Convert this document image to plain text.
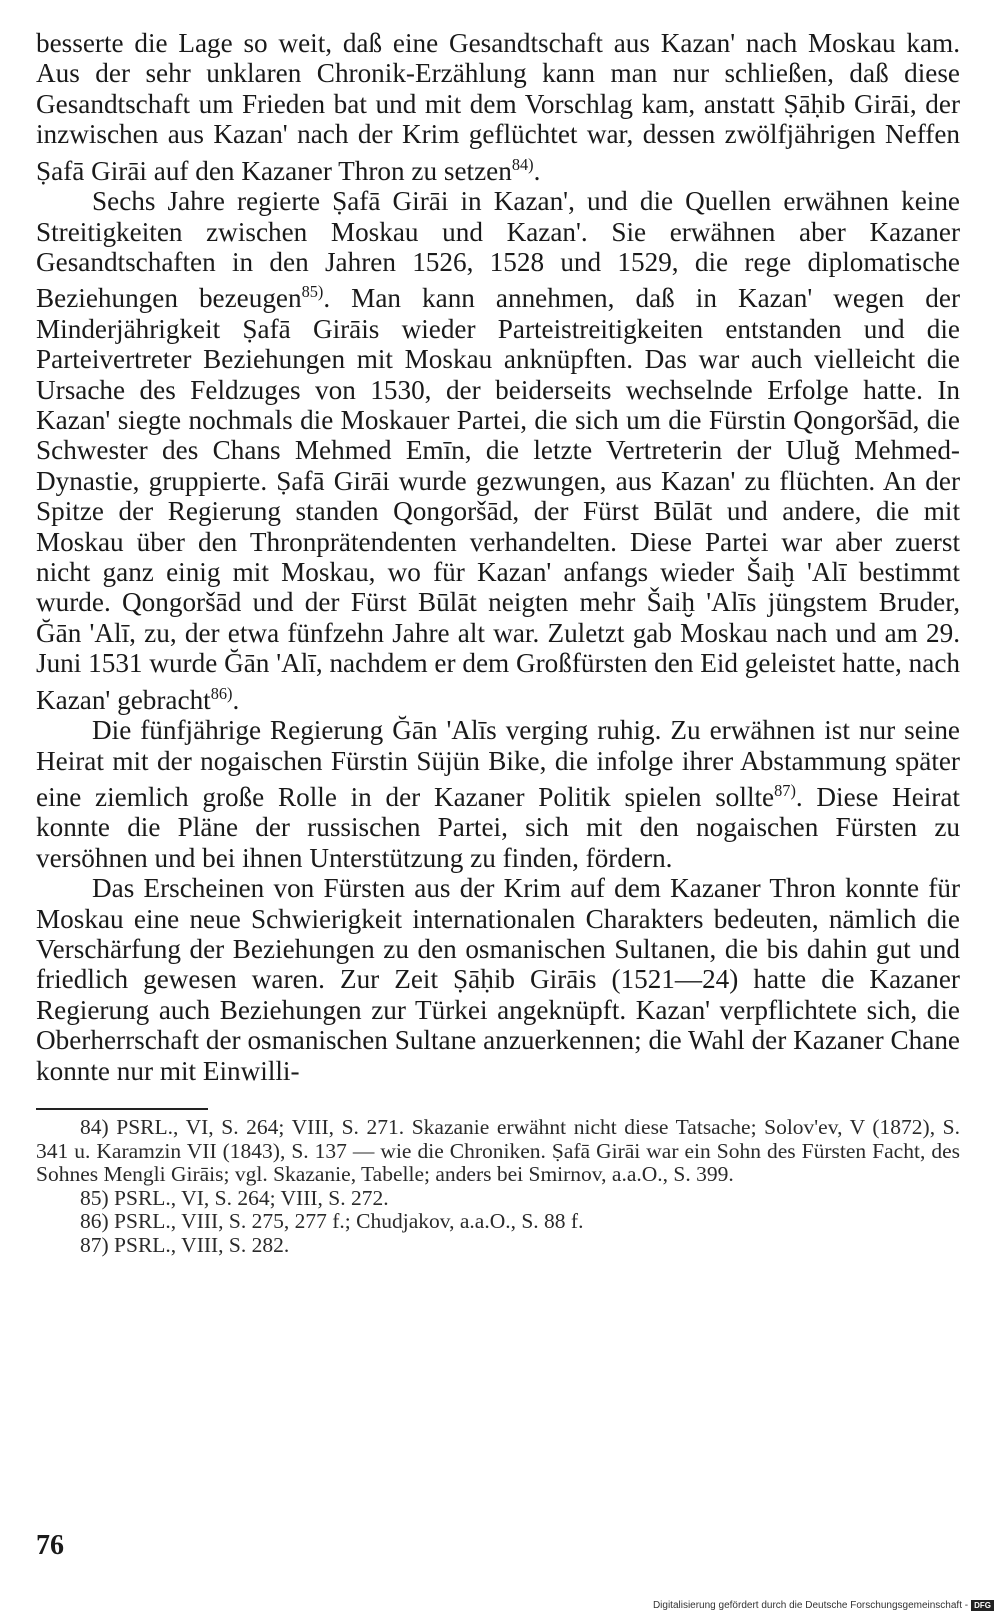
besserte die Lage so weit, daß eine Gesandtschaft aus Kazan' nach Moskau kam. Aus der sehr unklaren Chronik-Erzählung kann man nur schließen, daß diese Gesandtschaft um Frieden bat und mit dem Vorschlag kam, anstatt Ṣāḥib Girāi, der inzwischen aus Kazan' nach der Krim geflüchtet war, dessen zwölfjährigen Neffen Ṣafā Girāi auf den Kazaner Thron zu setzen$^{84)}$.

Sechs Jahre regierte Ṣafā Girāi in Kazan', und die Quellen erwähnen keine Streitigkeiten zwischen Moskau und Kazan'. Sie erwähnen aber Kazaner Gesandtschaften in den Jahren 1526, 1528 und 1529, die rege diplomatische Beziehungen bezeugen$^{85)}$. Man kann annehmen, daß in Kazan' wegen der Minderjährigkeit Ṣafā Girāis wieder Parteistreitigkeiten entstanden und die Parteivertreter Beziehungen mit Moskau anknüpften. Das war auch vielleicht die Ursache des Feldzuges von 1530, der beiderseits wechselnde Erfolge hatte. In Kazan' siegte nochmals die Moskauer Partei, die sich um die Fürstin Qongoršād, die Schwester des Chans Mehmed Emīn, die letzte Vertreterin der Uluğ Mehmed-Dynastie, gruppierte. Ṣafā Girāi wurde gezwungen, aus Kazan' zu flüchten. An der Spitze der Regierung standen Qongoršād, der Fürst Būlāt und andere, die mit Moskau über den Thronprätendenten verhandelten. Diese Partei war aber zuerst nicht ganz einig mit Moskau, wo für Kazan' anfangs wieder Šaiḫ 'Alī bestimmt wurde. Qongoršād und der Fürst Būlāt neigten mehr Šaiḫ 'Alīs jüngstem Bruder, Ğān 'Alī, zu, der etwa fünfzehn Jahre alt war. Zuletzt gab Moskau nach und am 29. Juni 1531 wurde Ğān 'Alī, nachdem er dem Großfürsten den Eid geleistet hatte, nach Kazan' gebracht$^{86)}$.

Die fünfjährige Regierung Ğān 'Alīs verging ruhig. Zu erwähnen ist nur seine Heirat mit der nogaischen Fürstin Süjün Bike, die infolge ihrer Abstammung später eine ziemlich große Rolle in der Kazaner Politik spielen sollte$^{87)}$. Diese Heirat konnte die Pläne der russischen Partei, sich mit den nogaischen Fürsten zu versöhnen und bei ihnen Unterstützung zu finden, fördern.

Das Erscheinen von Fürsten aus der Krim auf dem Kazaner Thron konnte für Moskau eine neue Schwierigkeit internationalen Charakters bedeuten, nämlich die Verschärfung der Beziehungen zu den osmanischen Sultanen, die bis dahin gut und friedlich gewesen waren. Zur Zeit Ṣāḥib Girāis (1521—24) hatte die Kazaner Regierung auch Beziehungen zur Türkei angeknüpft. Kazan' verpflichtete sich, die Oberherrschaft der osmanischen Sultane anzuerkennen; die Wahl der Kazaner Chane konnte nur mit Einwilli-

84) PSRL., VI, S. 264; VIII, S. 271. Skazanie erwähnt nicht diese Tatsache; Solov'ev, V (1872), S. 341 u. Karamzin VII (1843), S. 137 — wie die Chroniken. Ṣafā Girāi war ein Sohn des Fürsten Facht, des Sohnes Mengli Girāis; vgl. Skazanie, Tabelle; anders bei Smirnov, a.a.O., S. 399.

85) PSRL., VI, S. 264; VIII, S. 272.

86) PSRL., VIII, S. 275, 277 f.; Chudjakov, a.a.O., S. 88 f.

87) PSRL., VIII, S. 282.

76
Digitalisierung gefördert durch die Deutsche Forschungsgemeinschaft - DFG
